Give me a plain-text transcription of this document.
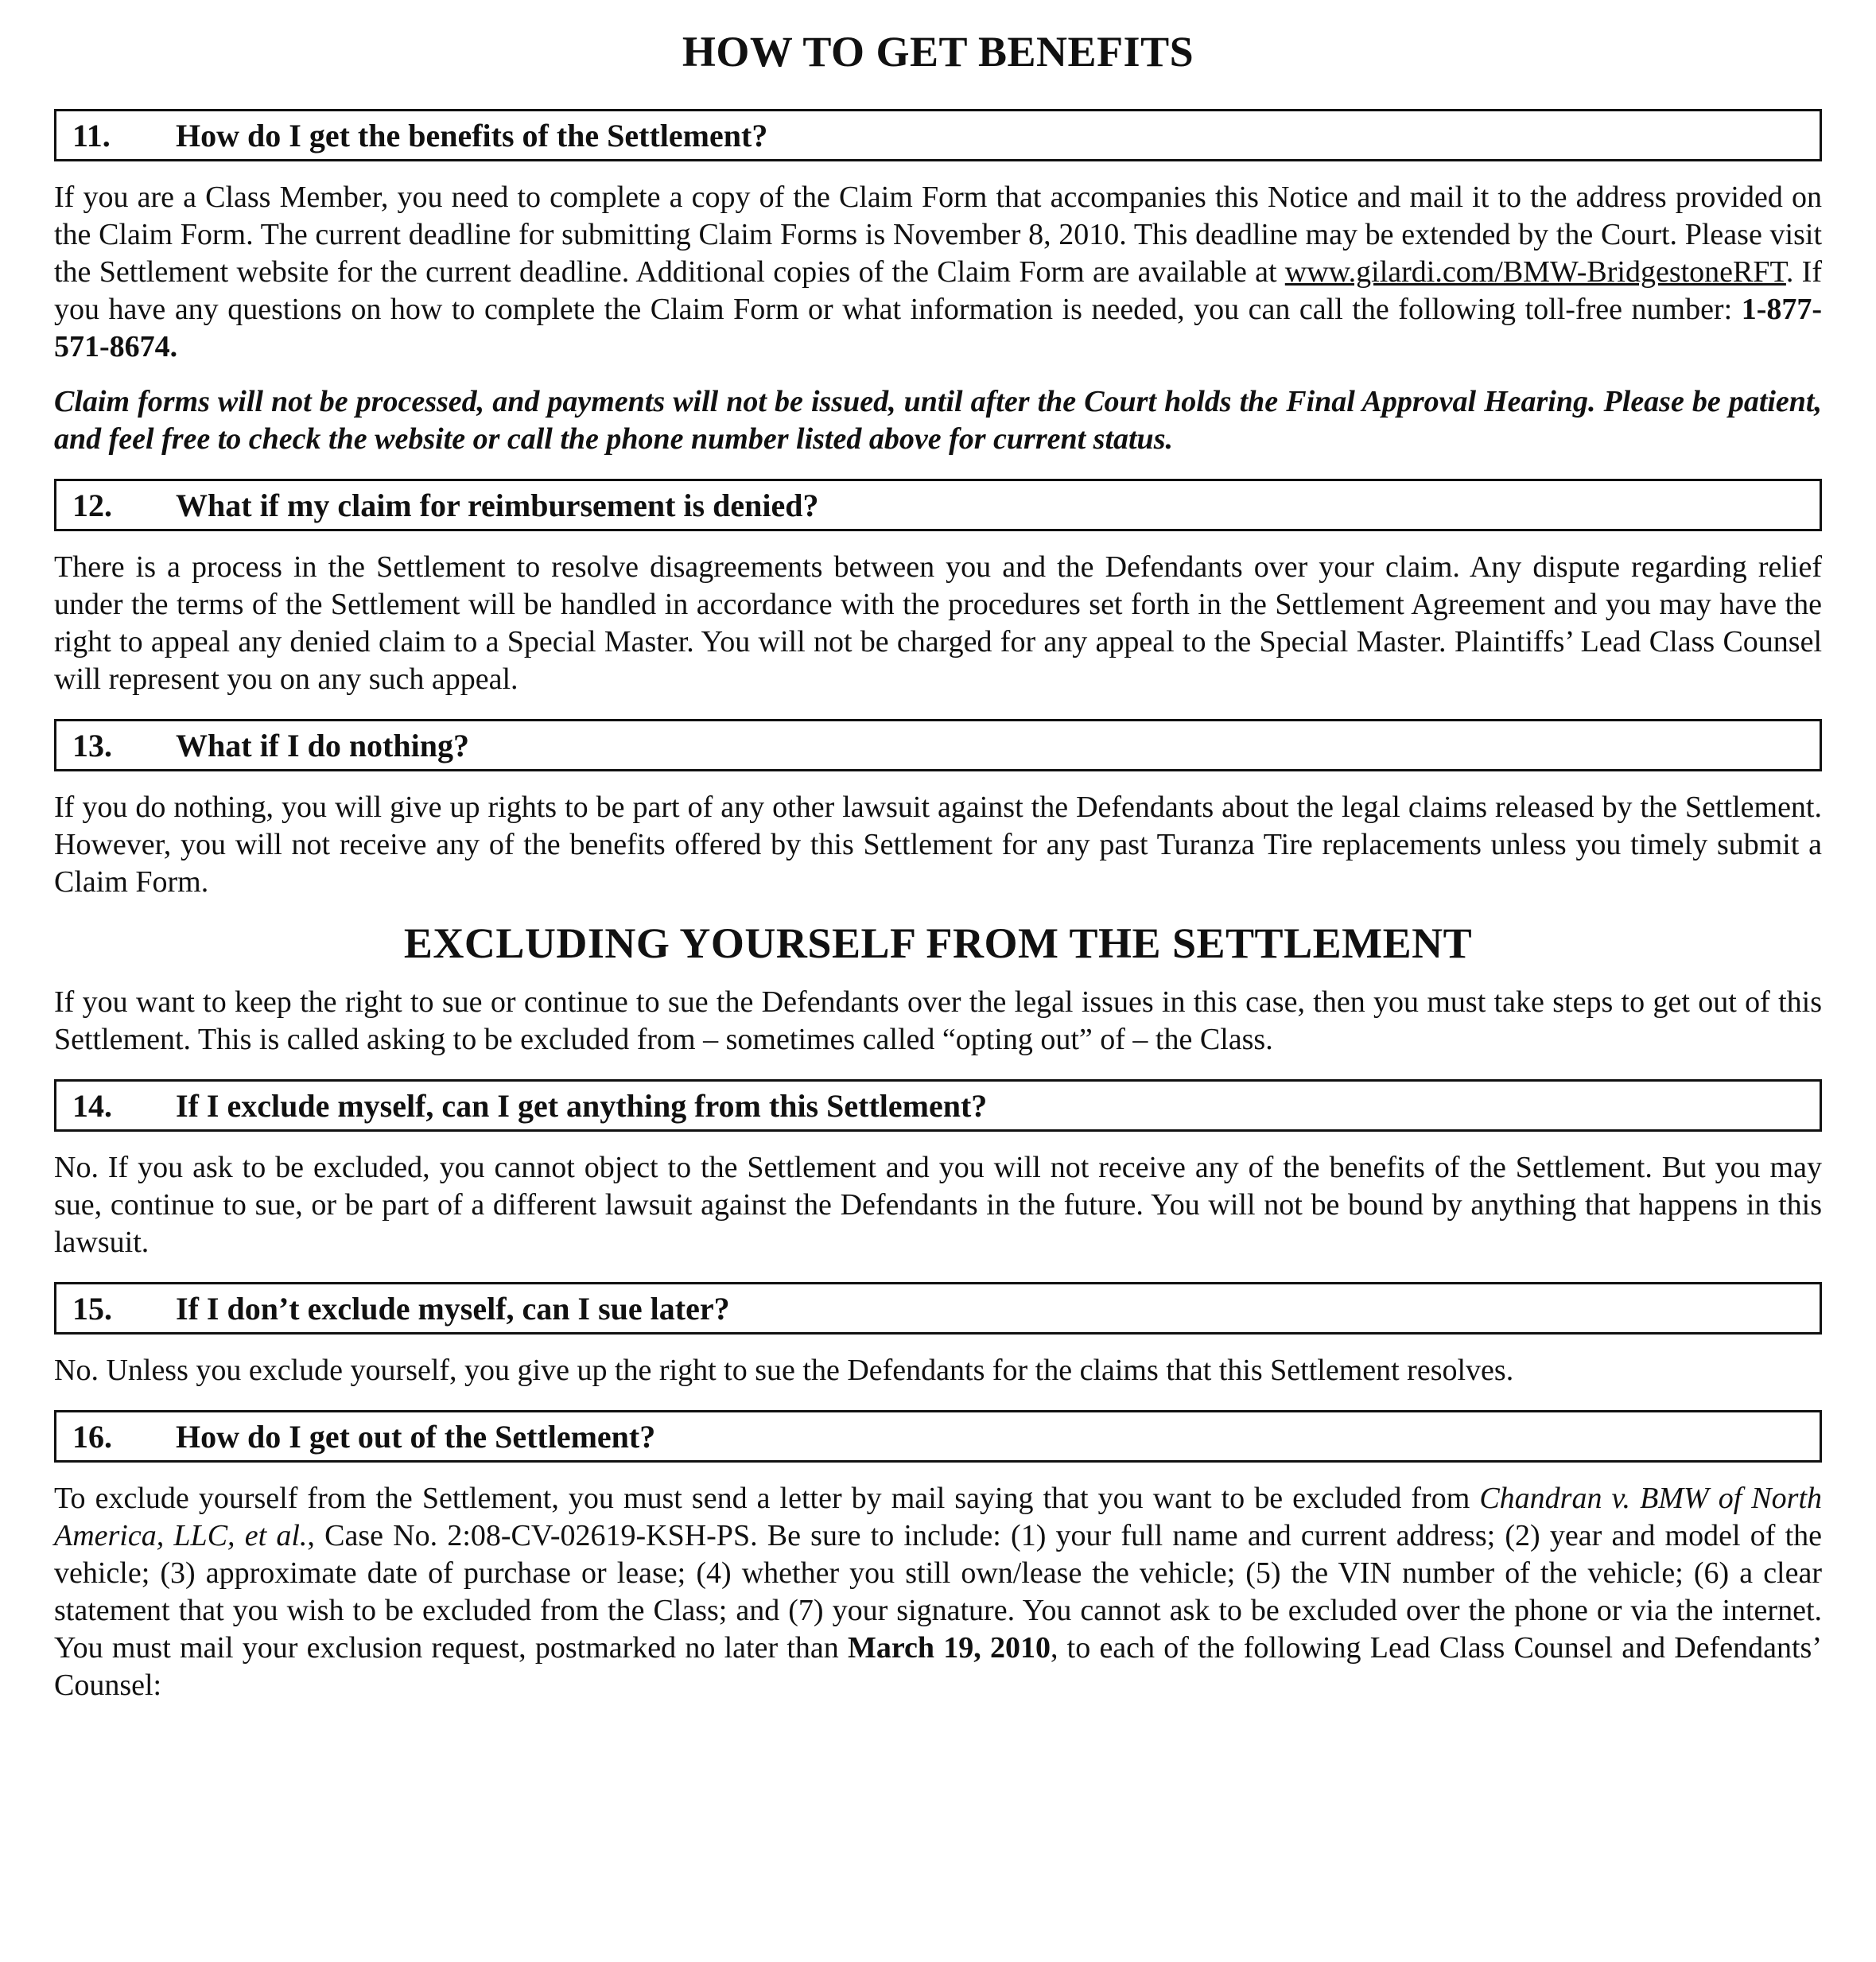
HOW TO GET BENEFITS
11.	How do I get the benefits of the Settlement?

If you are a Class Member, you need to complete a copy of the Claim Form that accompanies this Notice and mail it to the address provided on the Claim Form. The current deadline for submitting Claim Forms is November 8, 2010. This deadline may be extended by the Court. Please visit the Settlement website for the current deadline. Additional copies of the Claim Form are available at www.gilardi.com/BMW-BridgestoneRFT. If you have any questions on how to complete the Claim Form or what information is needed, you can call the following toll-free number: 1-877-571-8674.

Claim forms will not be processed, and payments will not be issued, until after the Court holds the Final Approval Hearing. Please be patient, and feel free to check the website or call the phone number listed above for current status.

12.	What if my claim for reimbursement is denied?

There is a process in the Settlement to resolve disagreements between you and the Defendants over your claim. Any dispute regarding relief under the terms of the Settlement will be handled in accordance with the procedures set forth in the Settlement Agreement and you may have the right to appeal any denied claim to a Special Master. You will not be charged for any appeal to the Special Master. Plaintiffs’ Lead Class Counsel will represent you on any such appeal.

13.	What if I do nothing?

If you do nothing, you will give up rights to be part of any other lawsuit against the Defendants about the legal claims released by the Settlement. However, you will not receive any of the benefits offered by this Settlement for any past Turanza Tire replacements unless you timely submit a Claim Form.

EXCLUDING YOURSELF FROM THE SETTLEMENT

If you want to keep the right to sue or continue to sue the Defendants over the legal issues in this case, then you must take steps to get out of this Settlement. This is called asking to be excluded from – sometimes called “opting out” of – the Class.

14.	If I exclude myself, can I get anything from this Settlement?

No. If you ask to be excluded, you cannot object to the Settlement and you will not receive any of the benefits of the Settlement. But you may sue, continue to sue, or be part of a different lawsuit against the Defendants in the future. You will not be bound by anything that happens in this lawsuit.

15.	If I don’t exclude myself, can I sue later?

No. Unless you exclude yourself, you give up the right to sue the Defendants for the claims that this Settlement resolves.

16.	How do I get out of the Settlement?

To exclude yourself from the Settlement, you must send a letter by mail saying that you want to be excluded from Chandran v. BMW of North America, LLC, et al., Case No. 2:08-CV-02619-KSH-PS. Be sure to include: (1) your full name and current address; (2) year and model of the vehicle; (3) approximate date of purchase or lease; (4) whether you still own/lease the vehicle; (5) the VIN number of the vehicle; (6) a clear statement that you wish to be excluded from the Class; and (7) your signature. You cannot ask to be excluded over the phone or via the internet. You must mail your exclusion request, postmarked no later than March 19, 2010, to each of the following Lead Class Counsel and Defendants’ Counsel:
